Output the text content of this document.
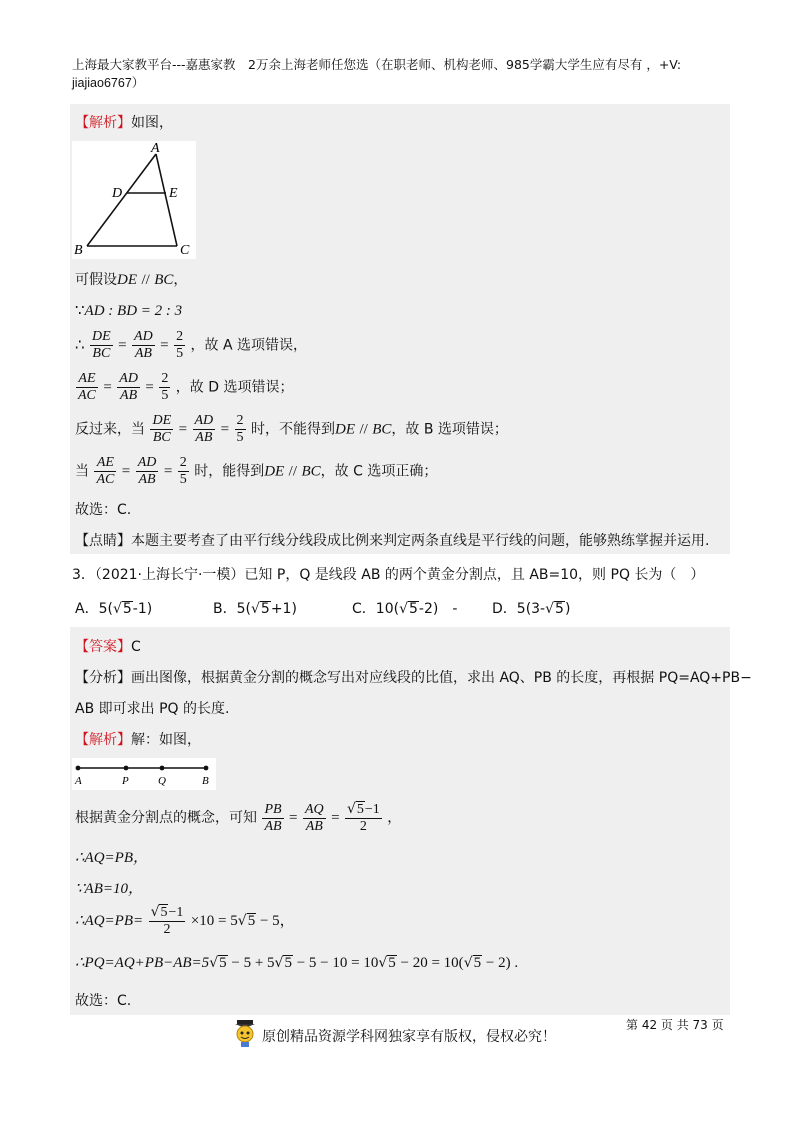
上海最大家教平台---嘉惠家教　2万余上海老师任您选（在职老师、机构老师、985学霸大学生应有尽有 ，+V:
jiajiao6767）
【解析】如图，
A
D	E
B	C
可假设DE // BC，
∵AD : BD = 2 : 3
∴ $\frac{DE}{BC} = \frac{AD}{AB} = \frac{2}{5}$ ，故 A 选项错误，
$\frac{AE}{AC} = \frac{AD}{AB} = \frac{2}{5}$ ，故 D 选项错误；
反过来，当 $\frac{DE}{BC} = \frac{AD}{AB} = \frac{2}{5}$ 时，不能得到DE // BC，故 B 选项错误；
当 $\frac{AE}{AC} = \frac{AD}{AB} = \frac{2}{5}$ 时，能得到DE // BC，故 C 选项正确；
故选：C.
【点睛】本题主要考查了由平行线分线段成比例来判定两条直线是平行线的问题，能够熟练掌握并运用.
3．（2021·上海长宁·一模）已知 P，Q 是线段 AB 的两个黄金分割点，且 AB=10，则 PQ 长为（　）
A．5(√5-1)	B．5(√5+1)	C．10(√5-2)　- D．5(3-√5)
【答案】C
【分析】画出图像，根据黄金分割的概念写出对应线段的比值，求出 AQ、PB 的长度，再根据 PQ=AQ+PB−
AB 即可求出 PQ 的长度.
【解析】解：如图，
A	P	Q	B
根据黄金分割点的概念，可知 $\frac{PB}{AB} = \frac{AQ}{AB} = \frac{√5-1}{2}$ ，
∴AQ=PB，
∵AB=10，
∴AQ=PB= $\frac{√5-1}{2} \times 10 = 5√5 - 5$，
∴PQ=AQ+PB−AB=5√5 − 5 + 5√5 − 5 − 10 = 10√5 − 20 = 10(√5 − 2) .
故选：C.
原创精品资源学科网独家享有版权，侵权必究！
第 42 页 共 73 页
